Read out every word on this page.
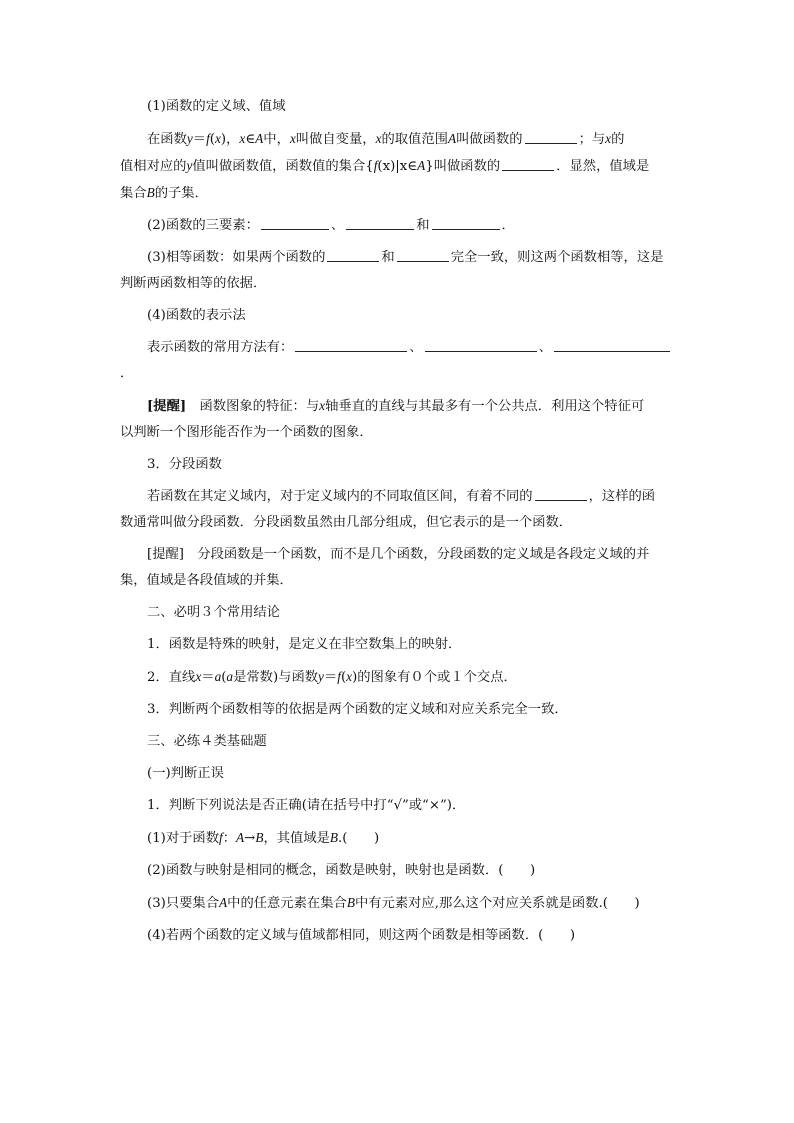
(1)函数的定义域、值域

在函数y＝f(x)，x∈A中，x叫做自变量，x的取值范围A叫做函数的	；与x的
值相对应的y值叫做函数值，函数值的集合{f(x)|x∈A}叫做函数的	．显然，值域是
集合B的子集．

(2)函数的三要素：	、	和	．

(3)相等函数：如果两个函数的	和	完全一致，则这两个函数相等，这是
判断两函数相等的依据．

(4)函数的表示法

表示函数的常用方法有：	、	、．

[提醒]　函数图象的特征：与x轴垂直的直线与其最多有一个公共点．利用这个特征可
以判断一个图形能否作为一个函数的图象．

3．分段函数

若函数在其定义域内，对于定义域内的不同取值区间，有着不同的	，这样的函
数通常叫做分段函数．分段函数虽然由几部分组成，但它表示的是一个函数．

[提醒]　分段函数是一个函数，而不是几个函数，分段函数的定义域是各段定义域的并
集，值域是各段值域的并集．

二、必明３个常用结论

1．函数是特殊的映射，是定义在非空数集上的映射．

2．直线x＝a(a是常数)与函数y＝f(x)的图象有０个或１个交点．

3．判断两个函数相等的依据是两个函数的定义域和对应关系完全一致．

三、必练４类基础题

(一)判断正误

1．判断下列说法是否正确(请在括号中打“√”或“×”)．

(1)对于函数f：A→B，其值域是B.(　　)

(2)函数与映射是相同的概念，函数是映射，映射也是函数．(　　)

(3)只要集合A中的任意元素在集合B中有元素对应,那么这个对应关系就是函数.(　　)

(4)若两个函数的定义域与值域都相同，则这两个函数是相等函数．(　　)
